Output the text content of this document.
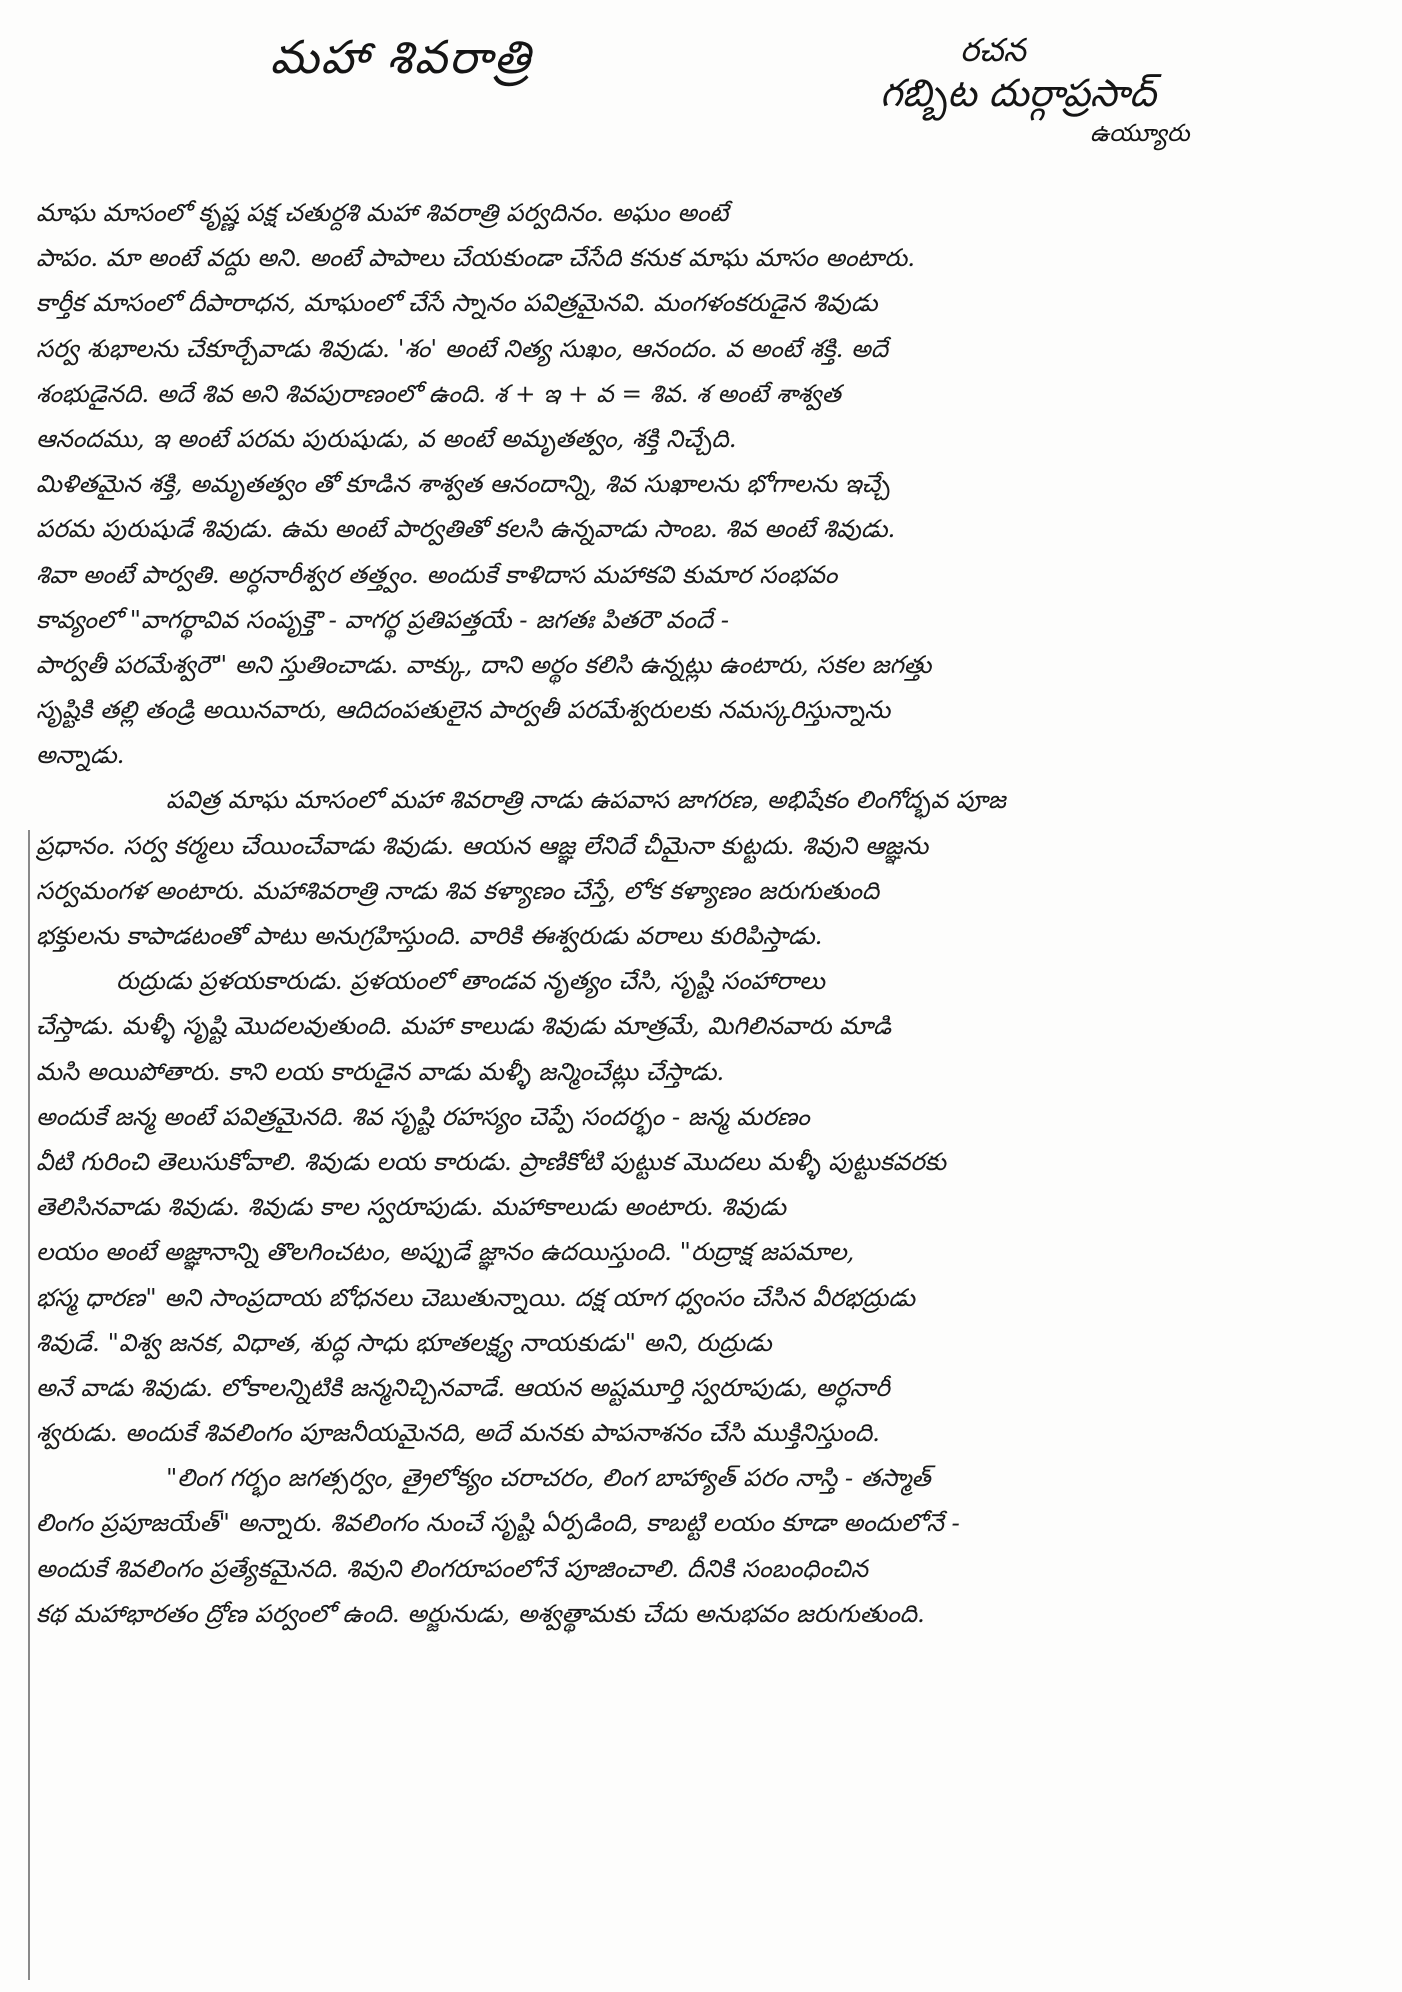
మహా శివరాత్రి	రచన
గబ్బిట దుర్గాప్రసాద్
ఉయ్యూరు
మాఘ మాసంలో కృష్ణ పక్ష చతుర్దశి మహా శివరాత్రి పర్వదినం. అఘం అంటే
పాపం. మా అంటే వద్దు అని. అంటే పాపాలు చేయకుండా చేసేది కనుక మాఘ మాసం అంటారు.
కార్తీక మాసంలో దీపారాధన, మాఘంలో చేసే స్నానం పవిత్రమైనవి. మంగళంకరుడైన శివుడు
సర్వ శుభాలను చేకూర్చేవాడు శివుడు. 'శం' అంటే నిత్య సుఖం, ఆనందం. వ అంటే శక్తి. అదే
శంభుడైనది. అదే శివ అని శివపురాణంలో ఉంది. శ + ఇ + వ = శివ. శ అంటే శాశ్వత
ఆనందము, ఇ అంటే పరమ పురుషుడు, వ అంటే అమృతత్వం, శక్తి నిచ్చేది.
మిళితమైన శక్తి, అమృతత్వం తో కూడిన శాశ్వత ఆనందాన్ని, శివ సుఖాలను భోగాలను ఇచ్చే
పరమ పురుషుడే శివుడు. ఉమ అంటే పార్వతితో కలసి ఉన్నవాడు సాంబ. శివ అంటే శివుడు.
శివా అంటే పార్వతి. అర్ధనారీశ్వర తత్త్వం. అందుకే కాళిదాస మహాకవి కుమార సంభవం
కావ్యంలో "వాగర్థావివ సంపృక్తౌ - వాగర్థ ప్రతిపత్తయే - జగతః పితరౌ వందే -
పార్వతీ పరమేశ్వరౌ" అని స్తుతించాడు. వాక్కు, దాని అర్థం కలిసి ఉన్నట్లు ఉంటారు, సకల జగత్తు
సృష్టికి తల్లి తండ్రి అయినవారు, ఆదిదంపతులైన పార్వతీ పరమేశ్వరులకు నమస్కరిస్తున్నాను
అన్నాడు.
పవిత్ర మాఘ మాసంలో మహా శివరాత్రి నాడు ఉపవాస జాగరణ, అభిషేకం లింగోద్భవ పూజ
ప్రధానం. సర్వ కర్మలు చేయించేవాడు శివుడు. ఆయన ఆజ్ఞ లేనిదే చీమైనా కుట్టదు. శివుని ఆజ్ఞను
సర్వమంగళ అంటారు. మహాశివరాత్రి నాడు శివ కళ్యాణం చేస్తే, లోక కళ్యాణం జరుగుతుంది
భక్తులను కాపాడటంతో పాటు అనుగ్రహిస్తుంది. వారికి ఈశ్వరుడు వరాలు కురిపిస్తాడు.
రుద్రుడు ప్రళయకారుడు. ప్రళయంలో తాండవ నృత్యం చేసి, సృష్టి సంహారాలు
చేస్తాడు. మళ్ళీ సృష్టి మొదలవుతుంది. మహా కాలుడు శివుడు మాత్రమే, మిగిలినవారు మాడి
మసి అయిపోతారు. కాని లయ కారుడైన వాడు మళ్ళీ జన్మించేట్లు చేస్తాడు.
అందుకే జన్మ అంటే పవిత్రమైనది. శివ సృష్టి రహస్యం చెప్పే సందర్భం - జన్మ మరణం
వీటి గురించి తెలుసుకోవాలి. శివుడు లయ కారుడు. ప్రాణికోటి పుట్టుక మొదలు మళ్ళీ పుట్టుకవరకు
తెలిసినవాడు శివుడు. శివుడు కాల స్వరూపుడు. మహాకాలుడు అంటారు. శివుడు
లయం అంటే అజ్ఞానాన్ని తొలగించటం, అప్పుడే జ్ఞానం ఉదయిస్తుంది. "రుద్రాక్ష జపమాల,
భస్మ ధారణ" అని సాంప్రదాయ బోధనలు చెబుతున్నాయి. దక్ష యాగ ధ్వంసం చేసిన వీరభద్రుడు
శివుడే. "విశ్వ జనక, విధాత, శుద్ధ సాధు భూతలక్ష్య నాయకుడు" అని, రుద్రుడు
అనే వాడు శివుడు. లోకాలన్నిటికి జన్మనిచ్చినవాడే. ఆయన అష్టమూర్తి స్వరూపుడు, అర్ధనారీ
శ్వరుడు. అందుకే శివలింగం పూజనీయమైనది, అదే మనకు పాపనాశనం చేసి ముక్తినిస్తుంది.
"లింగ గర్భం జగత్సర్వం, త్రైలోక్యం చరాచరం, లింగ బాహ్యాత్ పరం నాస్తి - తస్మాత్
లింగం ప్రపూజయేత్" అన్నారు. శివలింగం నుంచే సృష్టి ఏర్పడింది, కాబట్టి లయం కూడా అందులోనే -
అందుకే శివలింగం ప్రత్యేకమైనది. శివుని లింగరూపంలోనే పూజించాలి. దీనికి సంబంధించిన
కథ మహాభారతం ద్రోణ పర్వంలో ఉంది. అర్జునుడు, అశ్వత్థామకు చేదు అనుభవం జరుగుతుంది.
